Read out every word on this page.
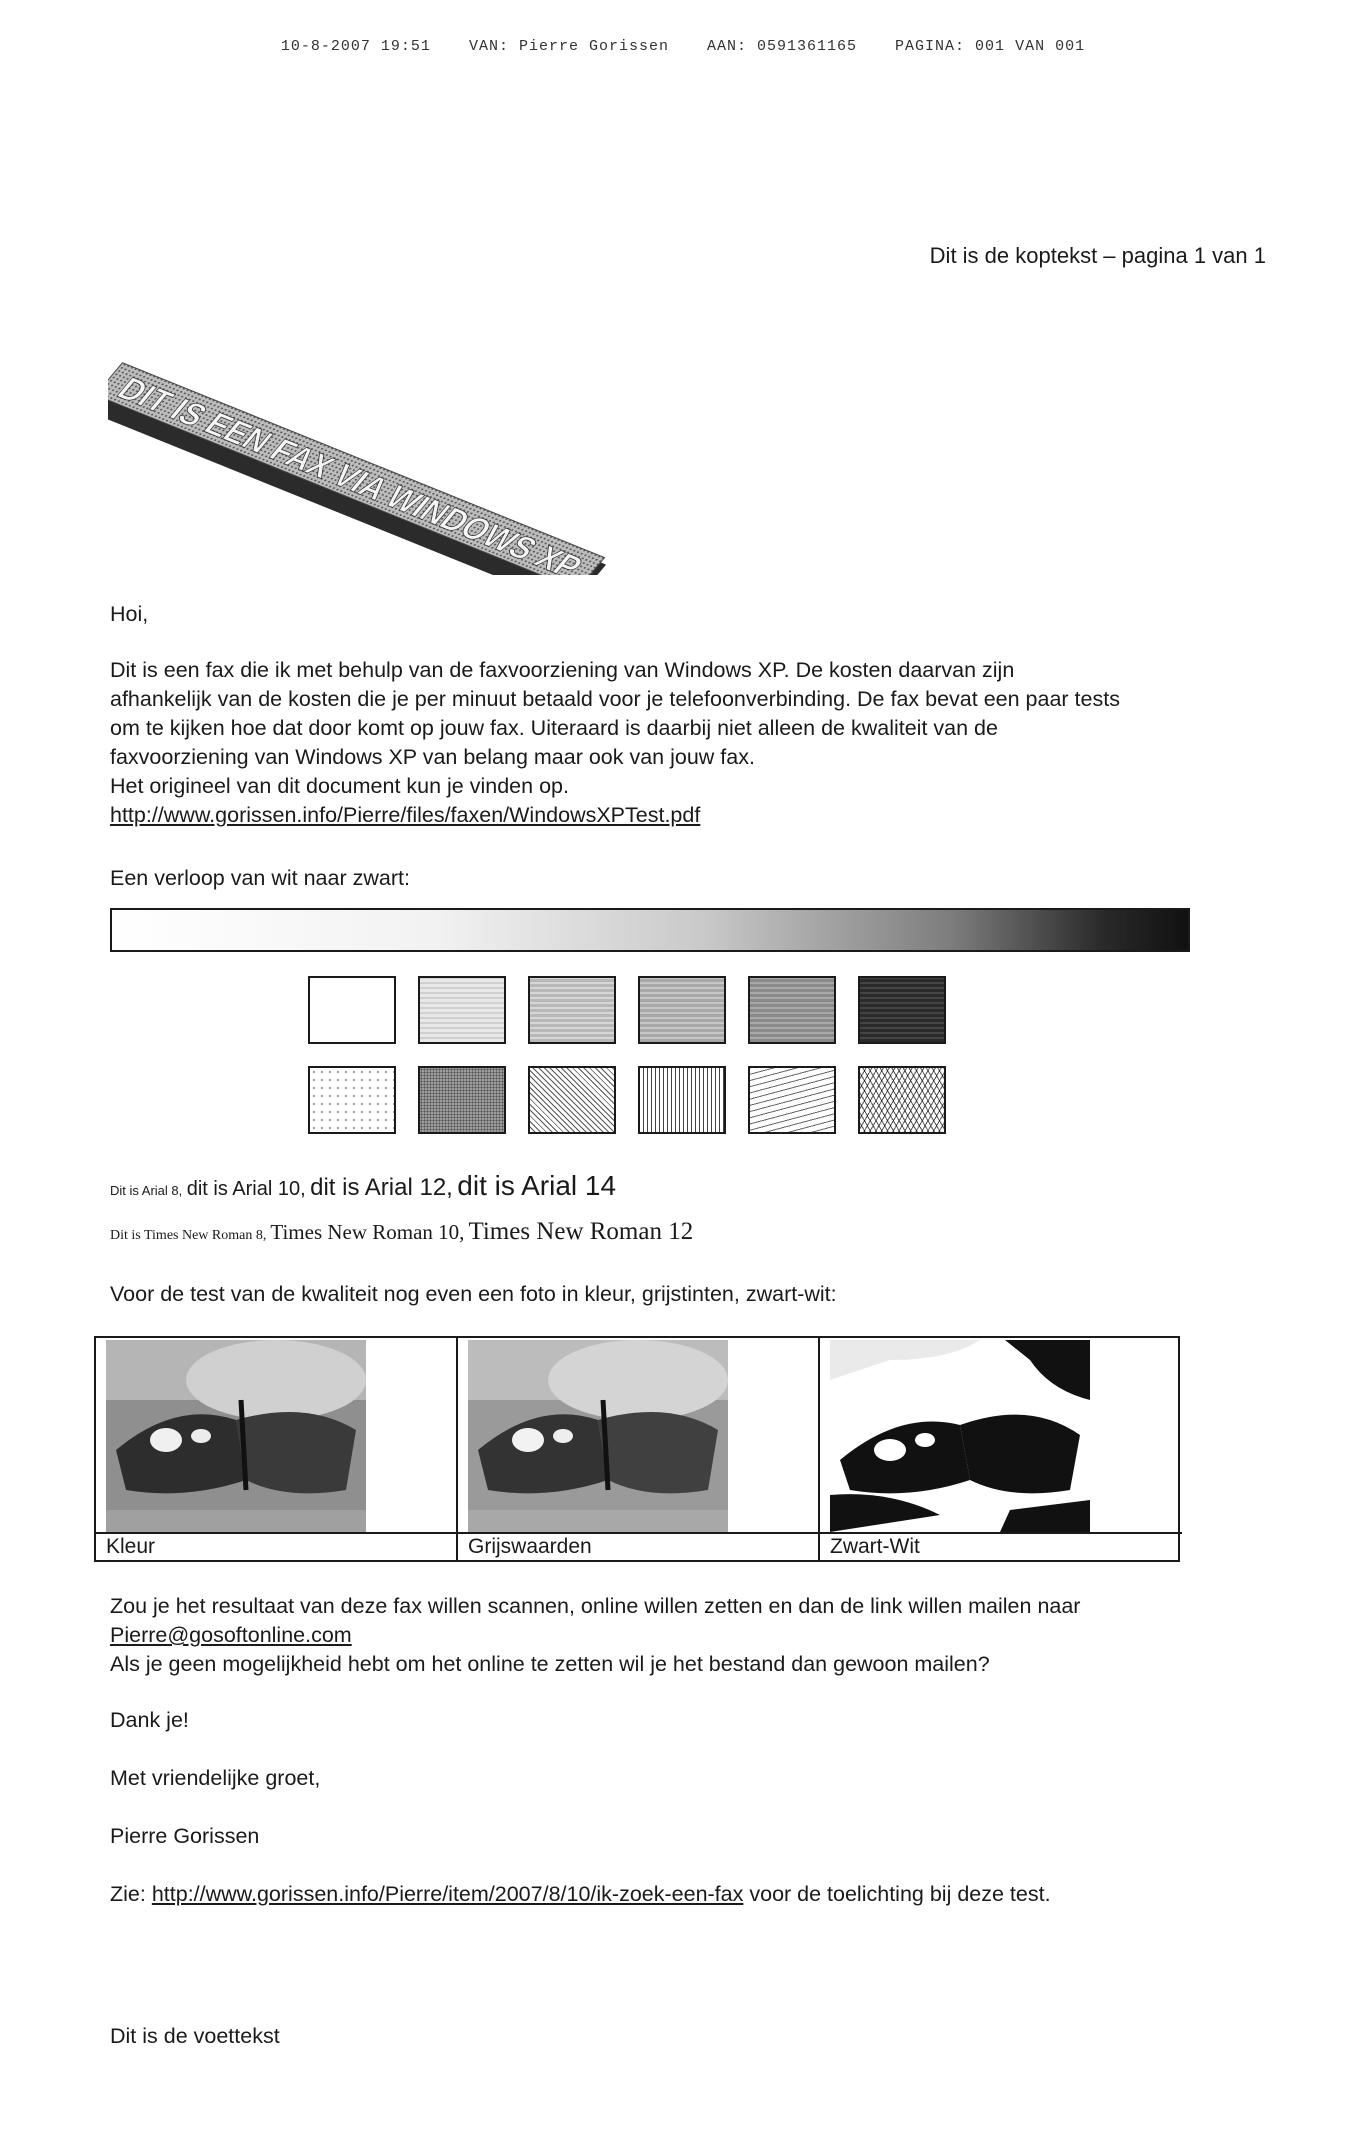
10-8-2007 19:51	VAN: Pierre Gorissen	AAN: 0591361165	PAGINA: 001 VAN 001
Dit is de koptekst – pagina 1 van 1
DIT IS EEN FAX VIA WINDOWS XP
Hoi,

Dit is een fax die ik met behulp van de faxvoorziening van Windows XP. De kosten daarvan zijn

afhankelijk van de kosten die je per minuut betaald voor je telefoonverbinding. De fax bevat een paar tests

om te kijken hoe dat door komt op jouw fax. Uiteraard is daarbij niet alleen de kwaliteit van de

faxvoorziening van Windows XP van belang maar ook van jouw fax.

Het origineel van dit document kun je vinden op.

http://www.gorissen.info/Pierre/files/faxen/WindowsXPTest.pdf

Een verloop van wit naar zwart:
Dit is Arial 8, dit is Arial 10, dit is Arial 12, dit is Arial 14
Dit is Times New Roman 8, Times New Roman 10, Times New Roman 12
Voor de test van de kwaliteit nog even een foto in kleur, grijstinten, zwart-wit:
Kleur	Grijswaarden	Zwart-Wit

Zou je het resultaat van deze fax willen scannen, online willen zetten en dan de link willen mailen naar

Pierre@gosoftonline.com

Als je geen mogelijkheid hebt om het online te zetten wil je het bestand dan gewoon mailen?

Dank je!
Met vriendelijke groet,
Pierre Gorissen
Zie: http://www.gorissen.info/Pierre/item/2007/8/10/ik-zoek-een-fax voor de toelichting bij deze test.
Dit is de voettekst
